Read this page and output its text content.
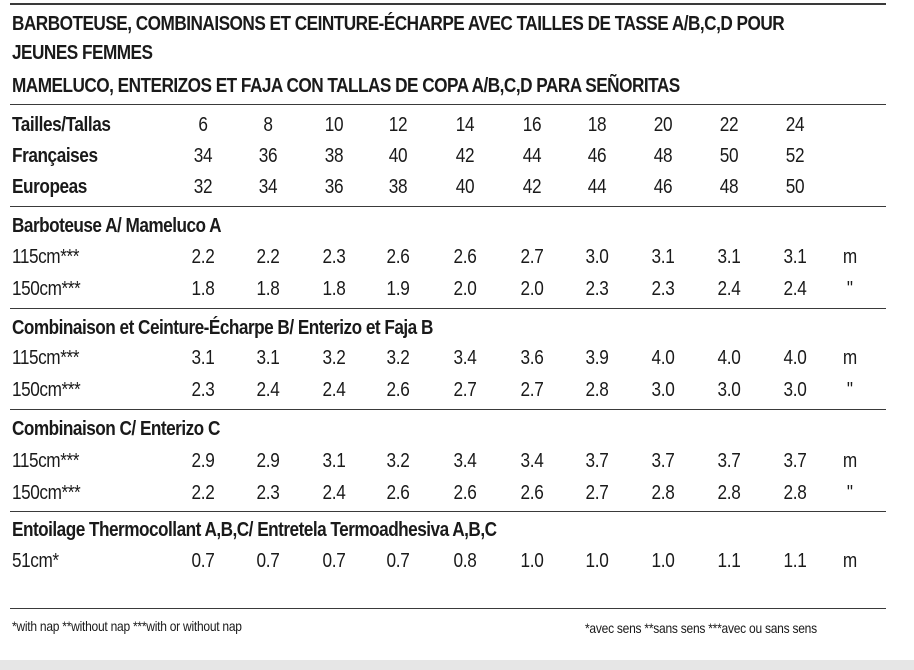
BARBOTEUSE, COMBINAISONS ET CEINTURE-ÉCHARPE AVEC TAILLES DE TASSE A/B,C,D POUR
JEUNES FEMMES
MAMELUCO, ENTERIZOS ET FAJA CON TALLAS DE COPA A/B,C,D PARA SEÑORITAS
Tailles/Tallas	6	8	10	12	14	16	18	20	22	24
Françaises	34	36	38	40	42	44	46	48	50	52
Europeas	32	34	36	38	40	42	44	46	48	50
Barboteuse A/ Mameluco A
115cm***	2.2 2.2 2.3 2.6 2.6 2.7 3.0 3.1 3.1 3.1 m
150cm***	1.8 1.8 1.8 1.9 2.0 2.0 2.3 2.3 2.4 2.4	"
Combinaison et Ceinture-Écharpe B/ Enterizo et Faja B
115cm***	3.1 3.1 3.2 3.2 3.4 3.6 3.9 4.0 4.0 4.0 m
150cm***	2.3 2.4 2.4 2.6 2.7 2.7 2.8 3.0 3.0 3.0	"
Combinaison C/ Enterizo C
115cm***	2.9 2.9 3.1 3.2 3.4 3.4 3.7 3.7 3.7 3.7 m
150cm***	2.2 2.3 2.4 2.6 2.6 2.6 2.7 2.8 2.8 2.8	"
Entoilage Thermocollant A,B,C/ Entretela Termoadhesiva A,B,C
51cm*	0.7 0.7 0.7 0.7 0.8 1.0 1.0 1.0 1.1 1.1 m
*with nap **without nap ***with or without nap	*avec sens **sans sens ***avec ou sans sens
